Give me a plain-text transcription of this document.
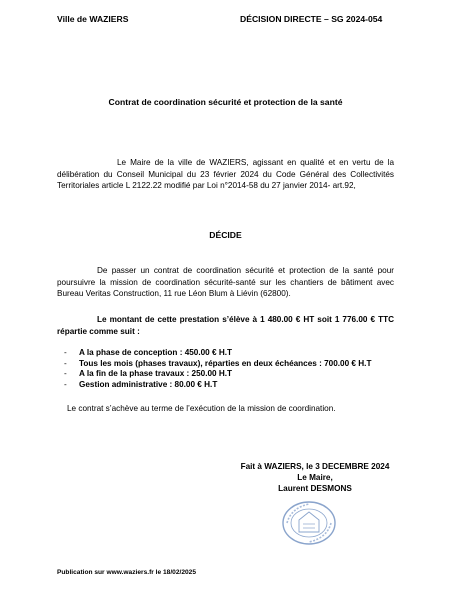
Ville de WAZIERS	DÉCISION DIRECTE – SG 2024-054
Contrat de coordination sécurité et protection de la santé
Le Maire de la ville de WAZIERS, agissant en qualité et en vertu de la délibération du Conseil Municipal du 23 février 2024 du Code Général des Collectivités Territoriales article L 2122.22 modifié par Loi n°2014-58 du 27 janvier 2014- art.92,
DÉCIDE
De passer un contrat de coordination sécurité et protection de la santé pour poursuivre la mission de coordination sécurité-santé sur les chantiers de bâtiment avec Bureau Veritas Construction, 11 rue Léon Blum à Liévin (62800).
Le montant de cette prestation s’élève à 1 480.00 € HT soit 1 776.00 € TTC répartie comme suit :
- A la phase de conception : 450.00 € H.T
- Tous les mois (phases travaux), réparties en deux échéances : 700.00 € H.T
- A la fin de la phase travaux : 250.00 H.T
- Gestion administrative : 80.00 € H.T
Le contrat s’achève au terme de l’exécution de la mission de coordination.
Fait à WAZIERS, le 3 DECEMBRE 2024
Le Maire,
Laurent DESMONS
Publication sur www.waziers.fr le 18/02/2025
